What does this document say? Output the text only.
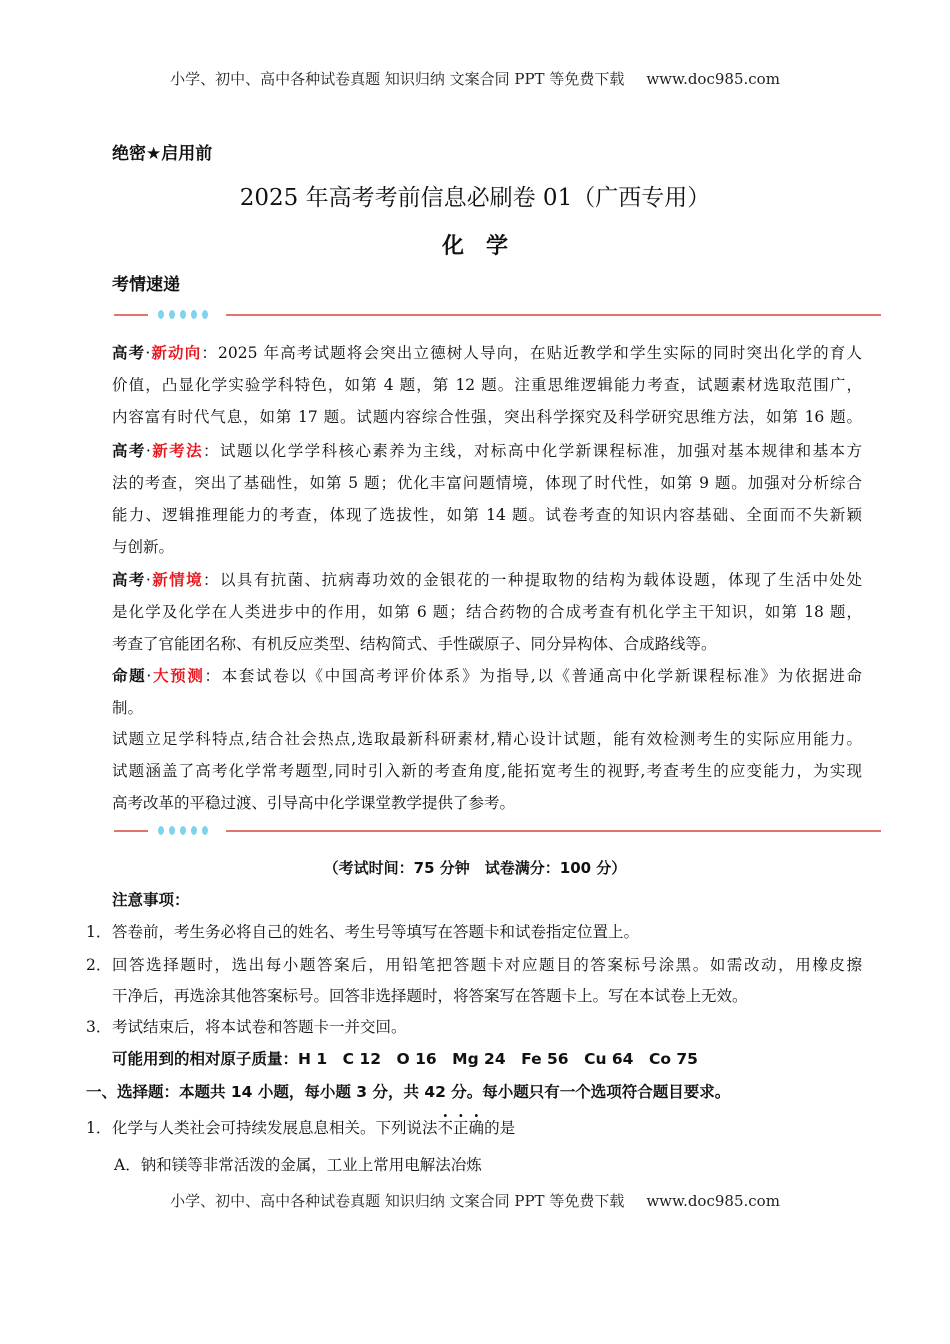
小学、初中、高中各种试卷真题 知识归纳 文案合同 PPT 等免费下载 www.doc985.com
绝密★启用前
2025 年高考考前信息必刷卷 01（广西专用）
化　学
考情速递
高考·新动向：2025 年高考试题将会突出立德树人导向，在贴近教学和学生实际的同时突出化学的育人
价值，凸显化学实验学科特色，如第 4 题，第 12 题。注重思维逻辑能力考查，试题素材选取范围广，
内容富有时代气息，如第 17 题。试题内容综合性强，突出科学探究及科学研究思维方法，如第 16 题。
高考·新考法：试题以化学学科核心素养为主线，对标高中化学新课程标准，加强对基本规律和基本方
法的考查，突出了基础性，如第 5 题；优化丰富问题情境，体现了时代性，如第 9 题。加强对分析综合
能力、逻辑推理能力的考查，体现了选拔性，如第 14 题。试卷考查的知识内容基础、全面而不失新颖
与创新。
高考·新情境：以具有抗菌、抗病毒功效的金银花的一种提取物的结构为载体设题，体现了生活中处处
是化学及化学在人类进步中的作用，如第 6 题；结合药物的合成考查有机化学主干知识，如第 18 题，
考查了官能团名称、有机反应类型、结构简式、手性碳原子、同分异构体、合成路线等。
命题·大预测：本套试卷以《中国高考评价体系》为指导,以《普通高中化学新课程标准》为依据进命
制。
试题立足学科特点,结合社会热点,选取最新科研素材,精心设计试题，能有效检测考生的实际应用能力。
试题涵盖了高考化学常考题型,同时引入新的考查角度,能拓宽考生的视野,考查考生的应变能力，为实现
高考改革的平稳过渡、引导高中化学课堂教学提供了参考。
（考试时间：75 分钟　试卷满分：100 分）
注意事项：
1． 答卷前，考生务必将自己的姓名、考生号等填写在答题卡和试卷指定位置上。
2． 回答选择题时，选出每小题答案后，用铅笔把答题卡对应题目的答案标号涂黑。如需改动，用橡皮擦
干净后，再选涂其他答案标号。回答非选择题时，将答案写在答题卡上。写在本试卷上无效。
3． 考试结束后，将本试卷和答题卡一并交回。
可能用到的相对原子质量：H 1　C 12　O 16　Mg 24　Fe 56　Cu 64　Co 75
一、选择题：本题共 14 小题，每小题 3 分，共 42 分。每小题只有一个选项符合题目要求。
1． 化学与人类社会可持续发展息息相关。下列说法不正确的是
A．钠和镁等非常活泼的金属，工业上常用电解法冶炼
小学、初中、高中各种试卷真题 知识归纳 文案合同 PPT 等免费下载 www.doc985.com
